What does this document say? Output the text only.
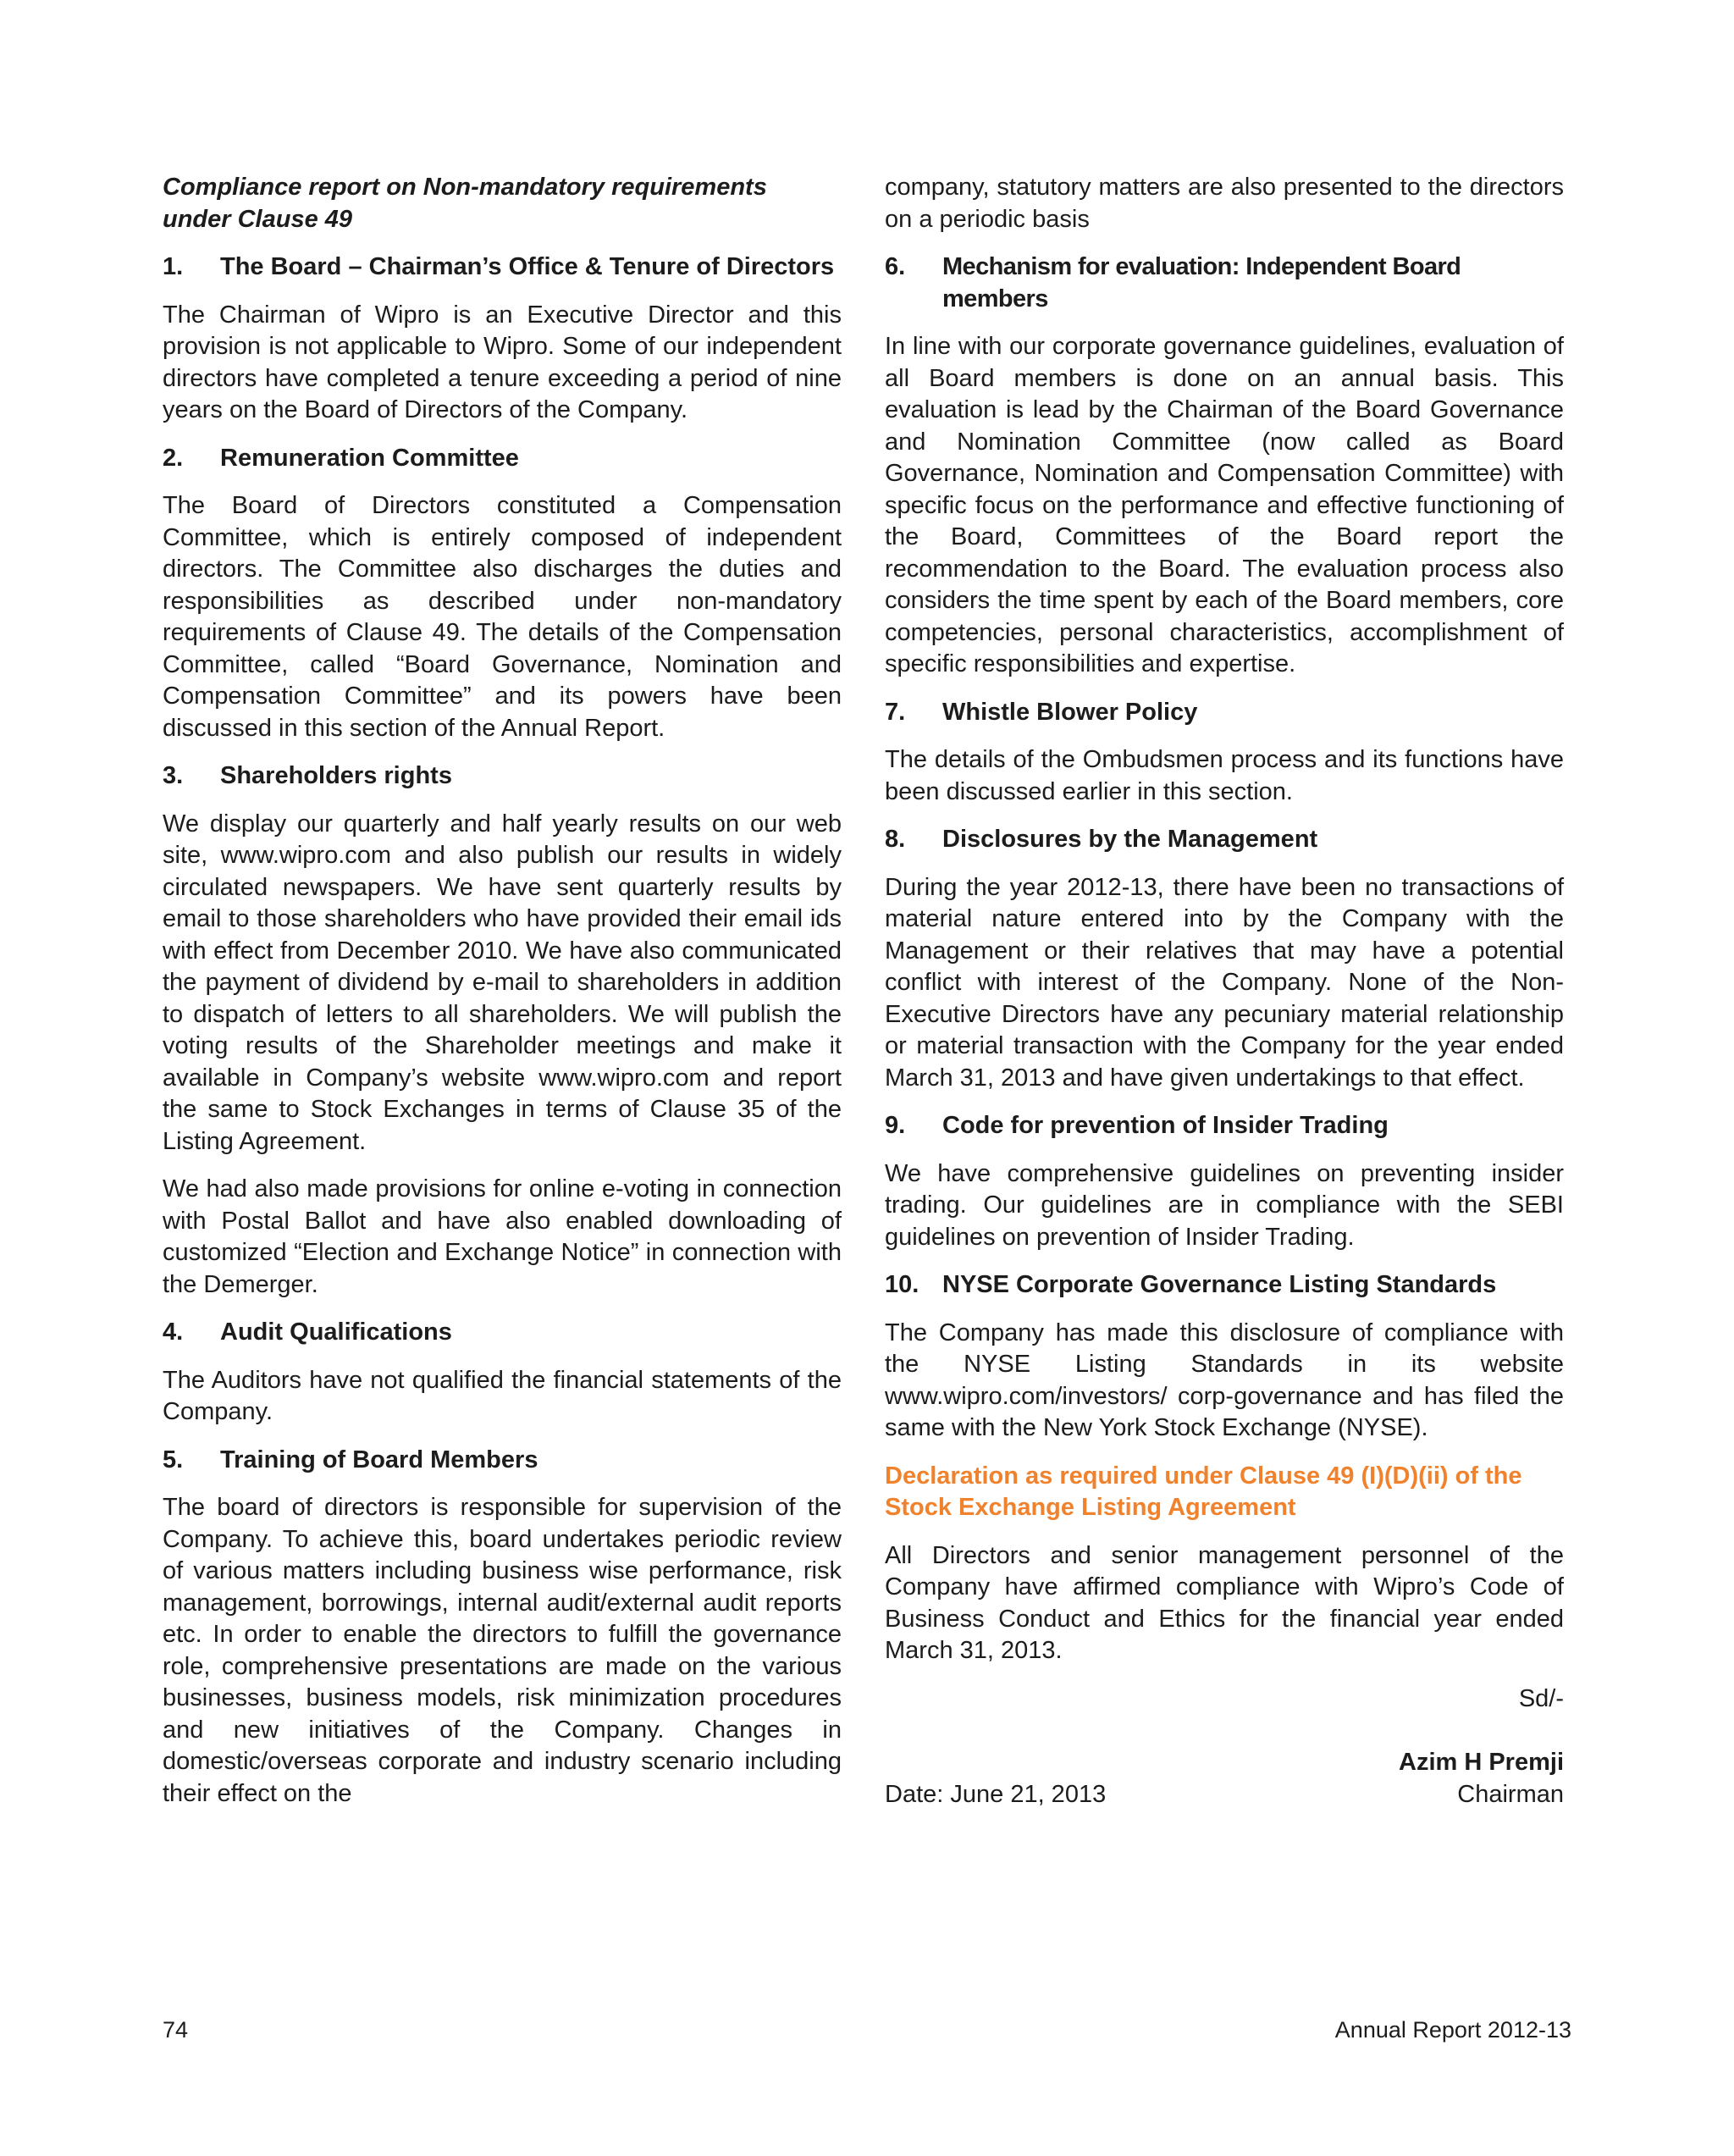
Compliance report on Non-mandatory requirements under Clause 49
1.	The Board – Chairman’s Office & Tenure of Directors

The Chairman of Wipro is an Executive Director and this provision is not applicable to Wipro. Some of our independent directors have completed a tenure exceeding a period of nine years on the Board of Directors of the Company.

2.	Remuneration Committee

The Board of Directors constituted a Compensation Committee, which is entirely composed of independent directors. The Committee also discharges the duties and responsibilities as described under non-mandatory requirements of Clause 49. The details of the Compensation Committee, called “Board Governance, Nomination and Compensation Committee” and its powers have been discussed in this section of the Annual Report.

3.	Shareholders rights

We display our quarterly and half yearly results on our web site, www.wipro.com and also publish our results in widely circulated newspapers. We have sent quarterly results by email to those shareholders who have provided their email ids with effect from December 2010. We have also communicated the payment of dividend by e-mail to shareholders in addition to dispatch of letters to all shareholders. We will publish the voting results of the Shareholder meetings and make it available in Company’s website www.wipro.com and report the same to Stock Exchanges in terms of Clause 35 of the Listing Agreement.

We had also made provisions for online e-voting in connection with Postal Ballot and have also enabled downloading of customized “Election and Exchange Notice” in connection with the Demerger.

4.	Audit Qualifications

The Auditors have not qualified the financial statements of the Company.

5.	Training of Board Members

The board of directors is responsible for supervision of the Company. To achieve this, board undertakes periodic review of various matters including business wise performance, risk management, borrowings, internal audit/external audit reports etc. In order to enable the directors to fulfill the governance role, comprehensive presentations are made on the various businesses, business models, risk minimization procedures and new initiatives of the Company. Changes in domestic/overseas corporate and industry scenario including their effect on the

company, statutory matters are also presented to the directors on a periodic basis

6.	Mechanism for evaluation: Independent Board members

In line with our corporate governance guidelines, evaluation of all Board members is done on an annual basis. This evaluation is lead by the Chairman of the Board Governance and Nomination Committee (now called as Board Governance, Nomination and Compensation Committee) with specific focus on the performance and effective functioning of the Board, Committees of the Board report the recommendation to the Board. The evaluation process also considers the time spent by each of the Board members, core competencies, personal characteristics, accomplishment of specific responsibilities and expertise.

7.	Whistle Blower Policy

The details of the Ombudsmen process and its functions have been discussed earlier in this section.

8.	Disclosures by the Management

During the year 2012-13, there have been no transactions of material nature entered into by the Company with the Management or their relatives that may have a potential conflict with interest of the Company. None of the Non-Executive Directors have any pecuniary material relationship or material transaction with the Company for the year ended March 31, 2013 and have given undertakings to that effect.

9.	Code for prevention of Insider Trading

We have comprehensive guidelines on preventing insider trading. Our guidelines are in compliance with the SEBI guidelines on prevention of Insider Trading.

10. NYSE Corporate Governance Listing Standards

The Company has made this disclosure of compliance with the NYSE Listing Standards in its website www.wipro.com/investors/ corp-governance and has filed the same with the New York Stock Exchange (NYSE).

Declaration as required under Clause 49 (I)(D)(ii) of the Stock Exchange Listing Agreement

All Directors and senior management personnel of the Company have affirmed compliance with Wipro’s Code of Business Conduct and Ethics for the financial year ended March 31, 2013.

Sd/-
Azim H Premji
Date: June 21, 2013	Chairman
74	Annual Report 2012-13
